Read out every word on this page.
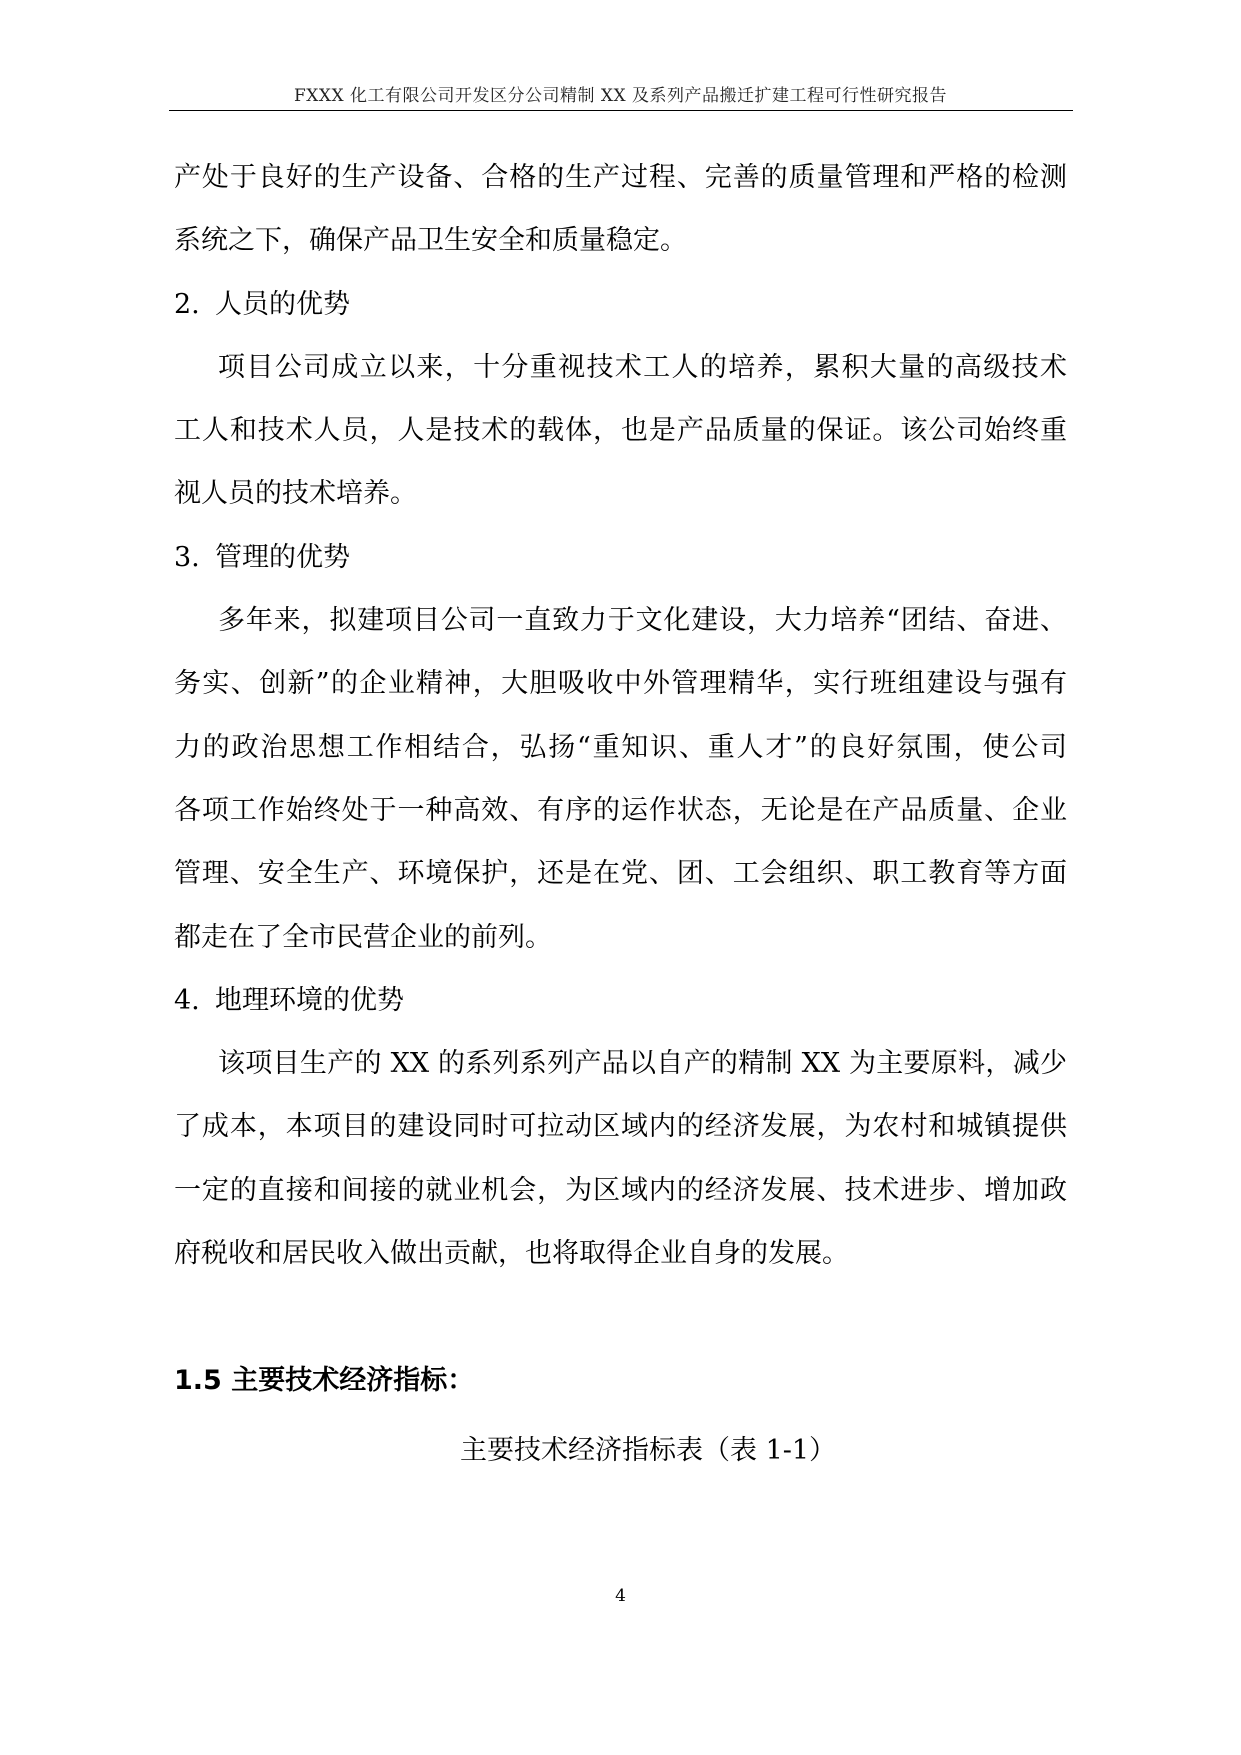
FXXX 化工有限公司开发区分公司精制 XX 及系列产品搬迁扩建工程可行性研究报告
产处于良好的生产设备、合格的生产过程、完善的质量管理和严格的检测
系统之下，确保产品卫生安全和质量稳定。
2. 人员的优势
项目公司成立以来，十分重视技术工人的培养，累积大量的高级技术
工人和技术人员，人是技术的载体，也是产品质量的保证。该公司始终重
视人员的技术培养。
3. 管理的优势
多年来，拟建项目公司一直致力于文化建设，大力培养“团结、奋进、
务实、创新”的企业精神，大胆吸收中外管理精华，实行班组建设与强有
力的政治思想工作相结合，弘扬“重知识、重人才”的良好氛围，使公司
各项工作始终处于一种高效、有序的运作状态，无论是在产品质量、企业
管理、安全生产、环境保护，还是在党、团、工会组织、职工教育等方面
都走在了全市民营企业的前列。
4. 地理环境的优势
该项目生产的 XX 的系列系列产品以自产的精制 XX 为主要原料，减少
了成本，本项目的建设同时可拉动区域内的经济发展，为农村和城镇提供
一定的直接和间接的就业机会，为区域内的经济发展、技术进步、增加政
府税收和居民收入做出贡献，也将取得企业自身的发展。
1.5 主要技术经济指标：
主要技术经济指标表（表 1-1）
4
